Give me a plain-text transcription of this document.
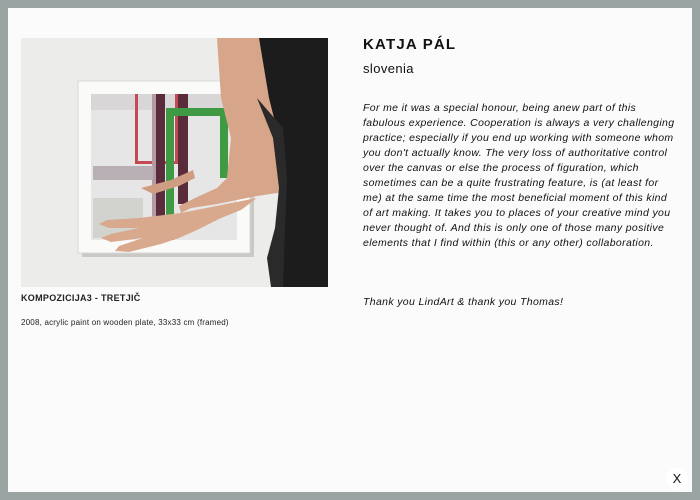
KOMPOZICIJA3 - TRETJIČ
2008, acrylic paint on wooden plate, 33x33 cm (framed)
KATJA PÁL
slovenia

For me it was a special honour, being anew part of this fabulous experience. Cooperation is always a very challenging practice; especially if you end up working with someone whom you don't actually know. The very loss of authoritative control over the canvas or else the process of figuration, which sometimes can be a quite frustrating feature, is (at least for me) at the same time the most beneficial moment of this kind of art making. It takes you to places of your creative mind you never thought of. And this is only one of those many positive elements that I find within (this or any other) collaboration.

Thank you LindArt & thank you Thomas!

X
